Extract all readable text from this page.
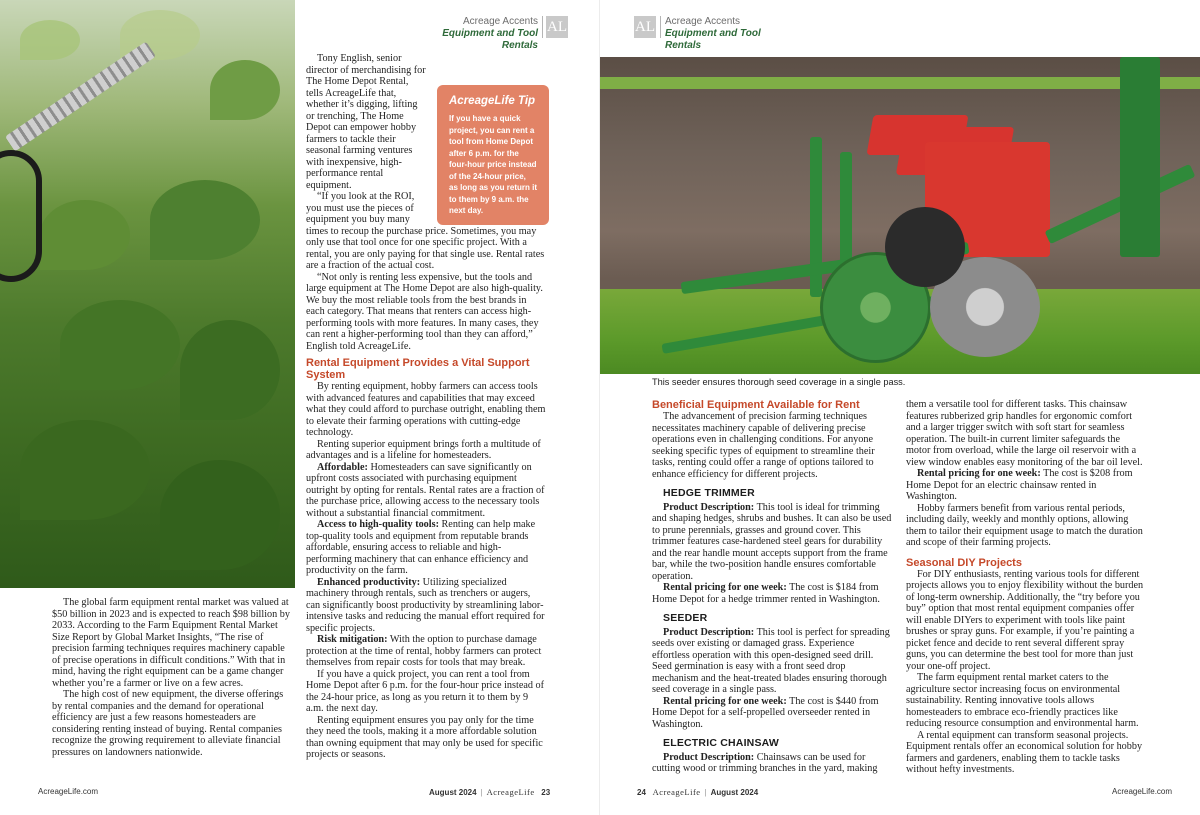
Acreage Accents
Equipment and Tool Rentals
AL

Tony English, senior director of merchandising for The Home Depot Rental, tells AcreageLife that, whether it’s digging, lifting or trenching, The Home Depot can empower hobby farmers to tackle their seasonal farming ventures with inexpensive, high-performance rental equipment.

“If you look at the ROI, you must use the pieces of equipment you buy many times to recoup the purchase price. Sometimes, you may only use that tool once for one specific project. With a rental, you are only paying for that single use. Rental rates are a fraction of the actual cost.

“Not only is renting less expensive, but the tools and large equipment at The Home Depot are also high-quality. We buy the most reliable tools from the best brands in each category. That means that renters can access high-performing tools with more features. In many cases, they can rent a higher-performing tool than they can afford,” English told AcreageLife.

Rental Equipment Provides a Vital Support System

By renting equipment, hobby farmers can access tools with advanced features and capabilities that may exceed what they could afford to purchase outright, enabling them to elevate their farming operations with cutting-edge technology.

Renting superior equipment brings forth a multitude of advantages and is a lifeline for homesteaders.

Affordable: Homesteaders can save significantly on upfront costs associated with purchasing equipment outright by opting for rentals. Rental rates are a fraction of the purchase price, allowing access to the necessary tools without a substantial financial commitment.

Access to high-quality tools: Renting can help make top-quality tools and equipment from reputable brands affordable, ensuring access to reliable and high-performing machinery that can enhance efficiency and productivity on the farm.

Enhanced productivity: Utilizing specialized machinery through rentals, such as trenchers or augers, can significantly boost productivity by streamlining labor-intensive tasks and reducing the manual effort required for specific projects.

Risk mitigation: With the option to purchase damage protection at the time of rental, hobby farmers can protect themselves from repair costs for tools that may break.

If you have a quick project, you can rent a tool from Home Depot after 6 p.m. for the four-hour price instead of the 24-hour price, as long as you return it to them by 9 a.m. the next day.

Renting equipment ensures you pay only for the time they need the tools, making it a more affordable solution than owning equipment that may only be used for specific projects or seasons.

AcreageLife Tip
If you have a quick project, you can rent a tool from Home Depot after 6 p.m. for the four-hour price instead of the 24-hour price, as long as you return it to them by 9 a.m. the next day.

The global farm equipment rental market was valued at $50 billion in 2023 and is expected to reach $98 billion by 2033. According to the Farm Equipment Rental Market Size Report by Global Market Insights, “The rise of precision farming techniques requires machinery capable of precise operations in difficult conditions.” With that in mind, having the right equipment can be a game changer whether you’re a farmer or live on a few acres.

The high cost of new equipment, the diverse offerings by rental companies and the demand for operational efficiency are just a few reasons homesteaders are considering renting instead of buying. Rental companies recognize the growing requirement to alleviate financial pressures on landowners nationwide.

AcreageLife.com	August 2024 | AcreageLife 23
AL Acreage Accents
Equipment and Tool Rentals
This seeder ensures thorough seed coverage in a single pass.
Beneficial Equipment Available for Rent

The advancement of precision farming techniques necessitates machinery capable of delivering precise operations even in challenging conditions. For anyone seeking specific types of equipment to streamline their tasks, renting could offer a range of options tailored to enhance efficiency for different projects.

HEDGE TRIMMER

Product Description: This tool is ideal for trimming and shaping hedges, shrubs and bushes. It can also be used to prune perennials, grasses and ground cover. This trimmer features case-hardened steel gears for durability and the rear handle mount accepts support from the frame bar, while the two-position handle ensures comfortable operation.

Rental pricing for one week: The cost is $184 from Home Depot for a hedge trimmer rented in Washington.

SEEDER

Product Description: This tool is perfect for spreading seeds over existing or damaged grass. Experience effortless operation with this open-designed seed drill. Seed germination is easy with a front seed drop mechanism and the heat-treated blades ensuring thorough seed coverage in a single pass.

Rental pricing for one week: The cost is $440 from Home Depot for a self-propelled overseeder rented in Washington.

ELECTRIC CHAINSAW

Product Description: Chainsaws can be used for cutting wood or trimming branches in the yard, making

them a versatile tool for different tasks. This chainsaw features rubberized grip handles for ergonomic comfort and a larger trigger switch with soft start for seamless operation. The built-in current limiter safeguards the motor from overload, while the large oil reservoir with a view window enables easy monitoring of the bar oil level.

Rental pricing for one week: The cost is $208 from Home Depot for an electric chainsaw rented in Washington.

Hobby farmers benefit from various rental periods, including daily, weekly and monthly options, allowing them to tailor their equipment usage to match the duration and scope of their farming projects.

Seasonal DIY Projects

For DIY enthusiasts, renting various tools for different projects allows you to enjoy flexibility without the burden of long-term ownership. Additionally, the “try before you buy” option that most rental equipment companies offer will enable DIYers to experiment with tools like paint brushes or spray guns. For example, if you’re painting a picket fence and decide to rent several different spray guns, you can determine the best tool for more than just your one-off project.

The farm equipment rental market caters to the agriculture sector increasing focus on environmental sustainability. Renting innovative tools allows homesteaders to embrace eco-friendly practices like reducing resource consumption and environmental harm.

A rental equipment can transform seasonal projects. Equipment rentals offer an economical solution for hobby farmers and gardeners, enabling them to tackle tasks without hefty investments.

24 AcreageLife | August 2024	AcreageLife.com
